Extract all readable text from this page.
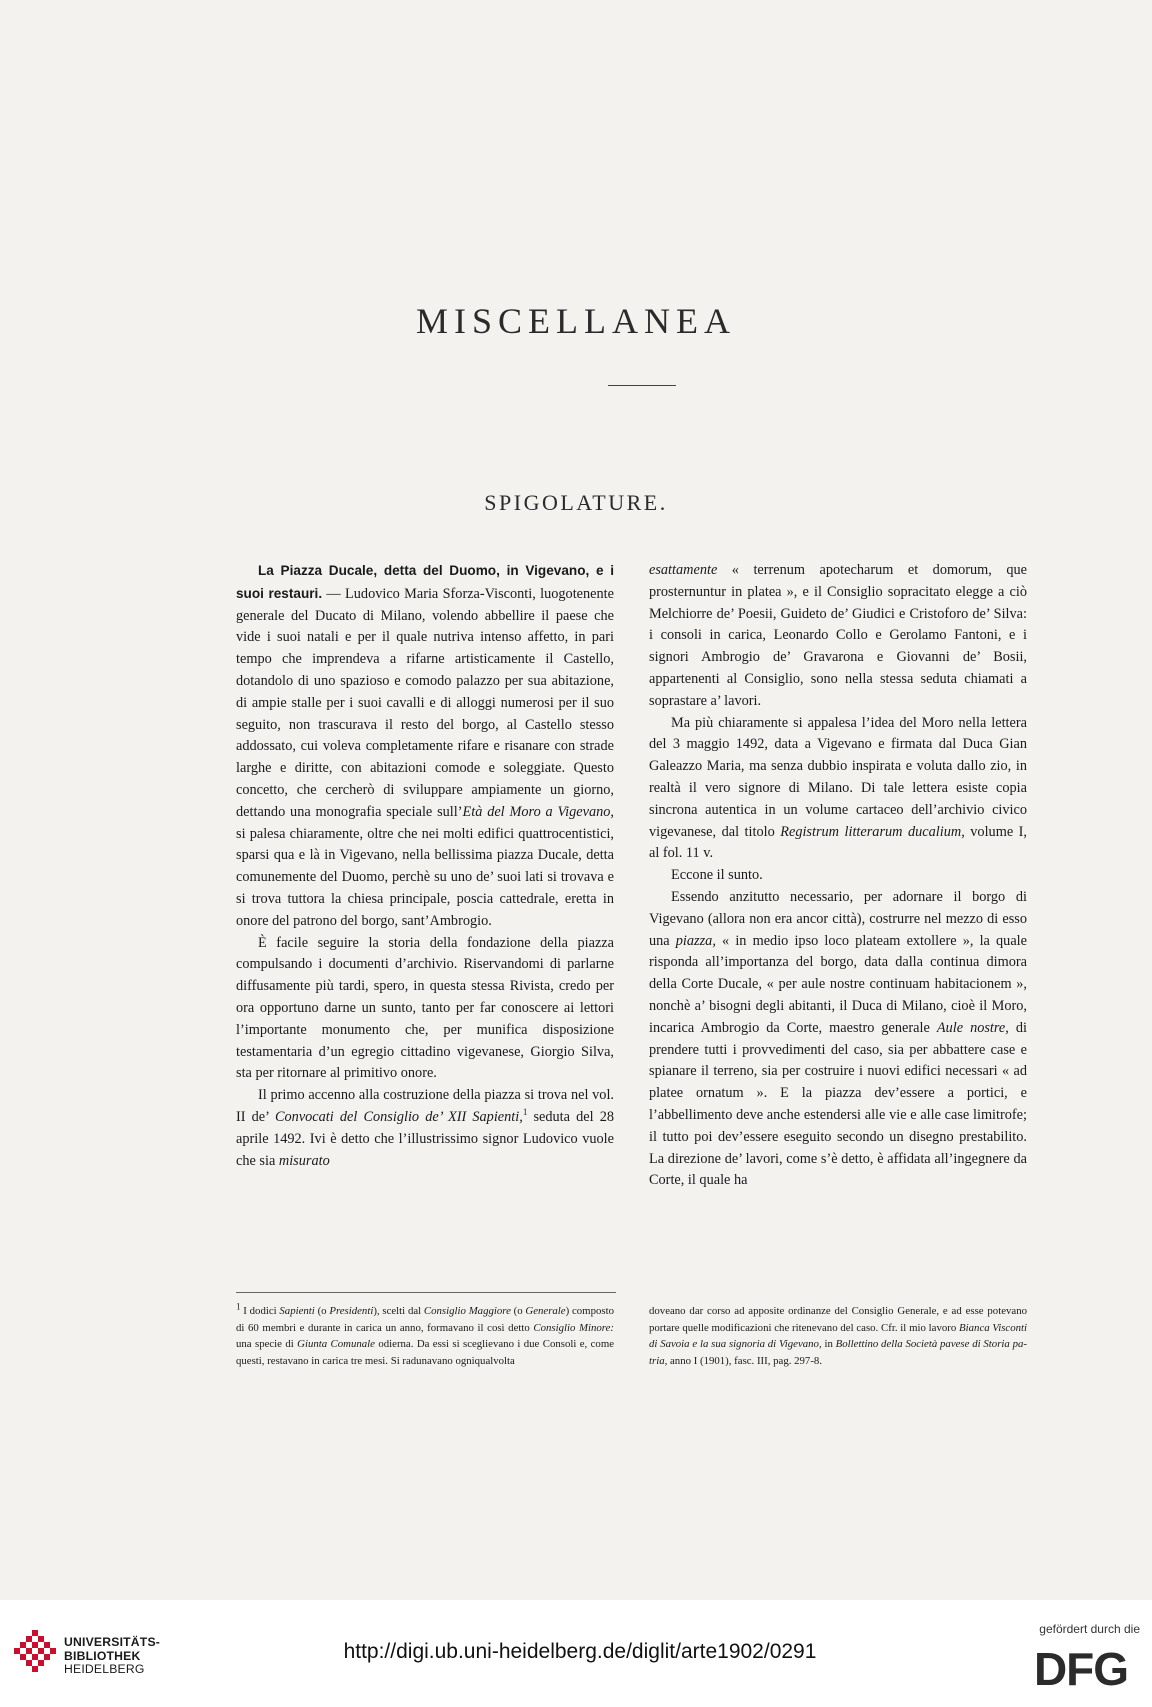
MISCELLANEA
SPIGOLATURE.

La Piazza Ducale, detta del Duomo, in Vigevano, e i suoi restauri. — Ludovico Maria Sforza-Visconti, luogotenente generale del Ducato di Milano, volendo abbellire il paese che vide i suoi natali e per il quale nutriva intenso affetto, in pari tempo che imprendeva a rifarne artisticamente il Castello, dotandolo di uno spazioso e comodo palazzo per sua abitazione, di ampie stalle per i suoi cavalli e di alloggi numerosi per il suo seguito, non trascurava il resto del borgo, al Castello stesso addossato, cui voleva completamente rifare e risanare con strade larghe e diritte, con abitazioni comode e soleggiate. Questo concetto, che cercherò di sviluppare ampiamente un giorno, dettando una monografia speciale sull’Età del Moro a Vigevano, si palesa chiaramente, oltre che nei molti edifici quattrocentistici, sparsi qua e là in Vigevano, nella bellissima piazza Ducale, detta comunemente del Duomo, perchè su uno de’ suoi lati si trovava e si trova tuttora la chiesa principale, poscia cattedrale, eretta in onore del patrono del borgo, sant’Ambrogio.

È facile seguire la storia della fondazione della piazza compulsando i documenti d’archivio. Riservandomi di parlarne diffusamente più tardi, spero, in questa stessa Rivista, credo per ora opportuno darne un sunto, tanto per far conoscere ai lettori l’importante monumento che, per munifica disposizione testamentaria d’un egregio cittadino vigevanese, Giorgio Silva, sta per ritornare al primitivo onore.

Il primo accenno alla costruzione della piazza si trova nel vol. II de’ Convocati del Consiglio de’ XII Sapienti,$^1$ seduta del 28 aprile 1492. Ivi è detto che l’illustrissimo signor Ludovico vuole che sia misurato

esattamente « terrenum apotecharum et domorum, que prosternuntur in platea », e il Consiglio sopracitato elegge a ciò Melchiorre de’ Poesii, Guideto de’ Giudici e Cristoforo de’ Silva: i consoli in carica, Leonardo Collo e Gerolamo Fantoni, e i signori Ambrogio de’ Gravarona e Giovanni de’ Bosii, appartenenti al Consiglio, sono nella stessa seduta chiamati a soprastare a’ lavori.

Ma più chiaramente si appalesa l’idea del Moro nella lettera del 3 maggio 1492, data a Vigevano e firmata dal Duca Gian Galeazzo Maria, ma senza dubbio inspirata e voluta dallo zio, in realtà il vero signore di Milano. Di tale lettera esiste copia sincrona autentica in un volume cartaceo dell’archivio civico vigevanese, dal titolo Registrum litterarum ducalium, volume I, al fol. 11 v.

Eccone il sunto.

Essendo anzitutto necessario, per adornare il borgo di Vigevano (allora non era ancor città), costrurre nel mezzo di esso una piazza, « in medio ipso loco plateam extollere », la quale risponda all’importanza del borgo, data dalla continua dimora della Corte Ducale, « per aule nostre continuam habitacionem », nonchè a’ bisogni degli abitanti, il Duca di Milano, cioè il Moro, incarica Ambrogio da Corte, maestro generale Aule nostre, di prendere tutti i provvedimenti del caso, sia per abbattere case e spianare il terreno, sia per costruire i nuovi edifici necessari « ad platee ornatum ». E la piazza dev’essere a portici, e l’abbellimento deve anche estendersi alle vie e alle case limitrofe; il tutto poi dev’essere eseguito secondo un disegno prestabilito. La direzione de’ lavori, come s’è detto, è affidata all’ingegnere da Corte, il quale ha

$^1$ I dodici Sapienti (o Presidenti), scelti dal Consiglio Maggiore (o Generale) composto di 60 membri e durante in carica un anno, formavano il così detto Consiglio Minore: una specie di Giunta Comunale odierna. Da essi si sceglievano i due Consoli e, come questi, restavano in carica tre mesi. Si radunavano ogniqualvolta

doveano dar corso ad apposite ordinanze del Consiglio Generale, e ad esse potevano portare quelle modificazioni che ritenevano del caso. Cfr. il mio lavoro Bianca Visconti di Savoia e la sua signoria di Vigevano, in Bollettino della Società pavese di Storia patria, anno I (1901), fasc. III, pag. 297-8.

UNIVERSITÄTS-
BIBLIOTHEK
HEIDELBERG
http://digi.ub.uni-heidelberg.de/diglit/arte1902/0291
gefördert durch die
DFG
